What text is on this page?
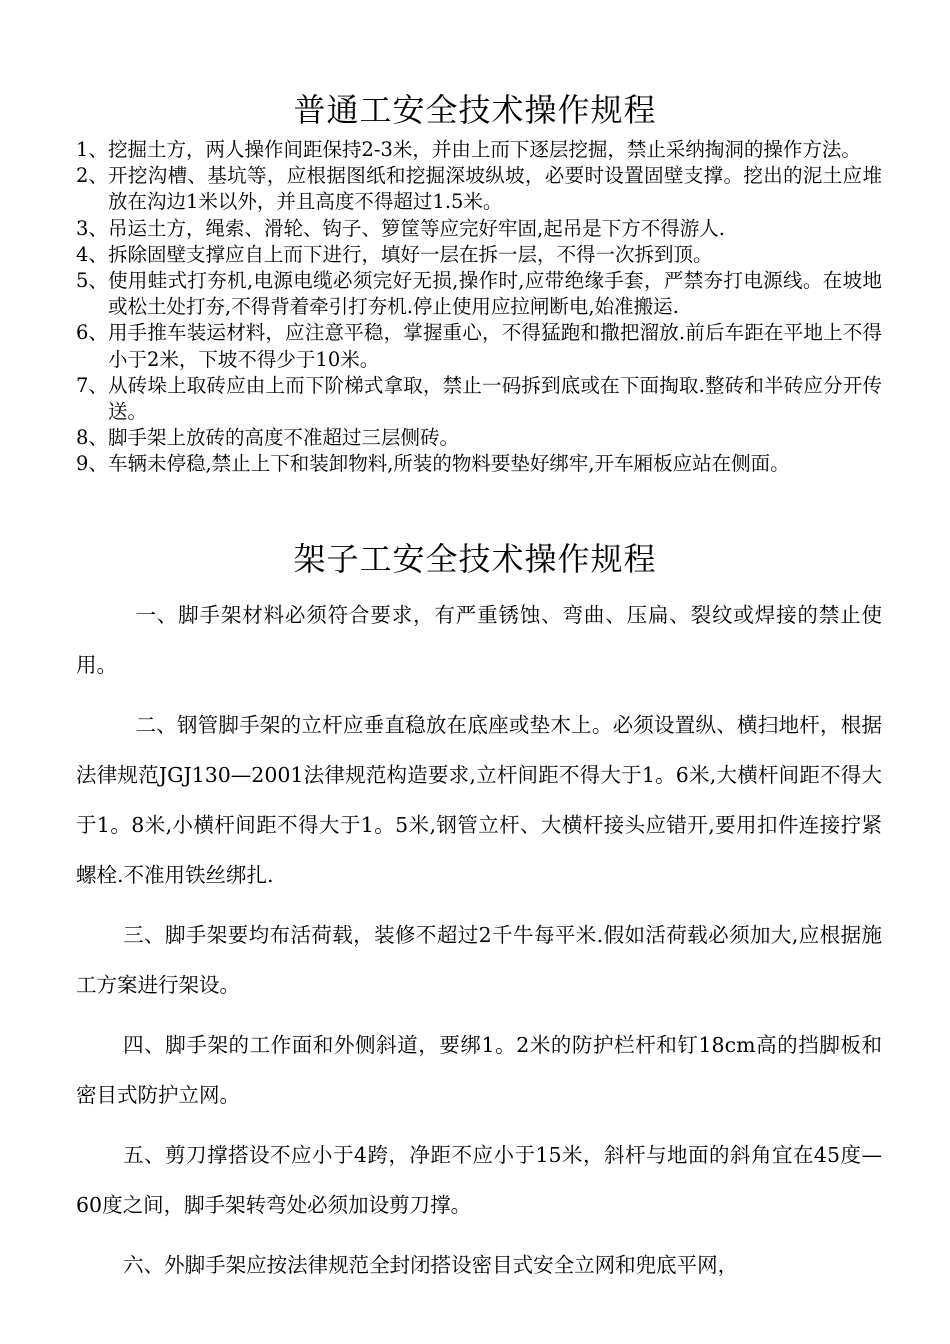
普通工安全技术操作规程
1、 挖掘土方，两人操作间距保持2-3米，并由上而下逐层挖掘，禁止采纳掏洞的操作方法。
2、 开挖沟槽、基坑等，应根据图纸和挖掘深坡纵坡，必要时设置固壁支撑。挖出的泥土应堆放在沟边1米以外，并且高度不得超过1.5米。
3、 吊运土方，绳索、滑轮、钩子、箩筐等应完好牢固,起吊是下方不得游人.
4、 拆除固壁支撑应自上而下进行，填好一层在拆一层，不得一次拆到顶。
5、 使用蛙式打夯机,电源电缆必须完好无损,操作时,应带绝缘手套，严禁夯打电源线。在坡地或松土处打夯,不得背着牵引打夯机.停止使用应拉闸断电,始准搬运.
6、 用手推车装运材料，应注意平稳，掌握重心，不得猛跑和撒把溜放.前后车距在平地上不得小于2米，下坡不得少于10米。
7、 从砖垛上取砖应由上而下阶梯式拿取，禁止一码拆到底或在下面掏取.整砖和半砖应分开传送。
8、 脚手架上放砖的高度不准超过三层侧砖。
9、 车辆未停稳,禁止上下和装卸物料,所装的物料要垫好绑牢,开车厢板应站在侧面。
架子工安全技术操作规程

一、脚手架材料必须符合要求，有严重锈蚀、弯曲、压扁、裂纹或焊接的禁止使用。

二、钢管脚手架的立杆应垂直稳放在底座或垫木上。必须设置纵、横扫地杆，根据法律规范JGJ130—2001法律规范构造要求,立杆间距不得大于1。6米,大横杆间距不得大于1。8米,小横杆间距不得大于1。5米,钢管立杆、大横杆接头应错开,要用扣件连接拧紧螺栓.不准用铁丝绑扎.

三、脚手架要均布活荷载，装修不超过2千牛每平米.假如活荷载必须加大,应根据施工方案进行架设。

四、脚手架的工作面和外侧斜道，要绑1。2米的防护栏杆和钉18cm高的挡脚板和密目式防护立网。

五、剪刀撑搭设不应小于4跨，净距不应小于15米，斜杆与地面的斜角宜在45度—60度之间，脚手架转弯处必须加设剪刀撑。

六、外脚手架应按法律规范全封闭搭设密目式安全立网和兜底平网，
